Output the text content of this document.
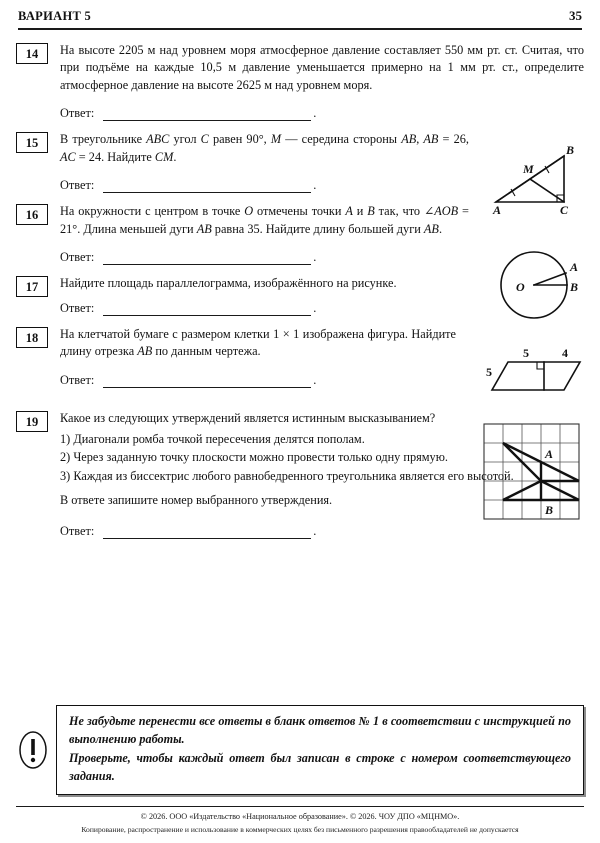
ВАРИАНТ 5	35
14	На высоте 2205 м над уровнем моря атмосферное давление составляет 550 мм рт. ст. Считая, что при подъёме на каждые 10,5 м давление уменьшается примерно на 1 мм рт. ст., определите атмосферное давление на высоте 2625 м над уровнем моря.

Ответ:	.
15	В треугольнике ABC угол C равен 90°, M — середина стороны AB, AB = 26, AC = 24. Найдите CM.

Ответ:	.
A
B
C
M
16	На окружности с центром в точке O отмечены точки A и B так, что ∠AOB = 21°. Длина меньшей дуги AB равна 35. Найдите длину большей дуги AB.

Ответ:	.
O
A
B
17	Найдите площадь параллелограмма, изображённого на рисунке.

Ответ:	.
5
5	4
18	На клетчатой бумаге с размером клетки 1 × 1 изображена фигура. Найдите длину отрезка AB по данным чертежа.

Ответ:	.
A
B
19	Какое из следующих утверждений является истинным высказыванием?

1) Диагонали ромба точкой пересечения делятся пополам.
2) Через заданную точку плоскости можно провести только одну прямую.
3) Каждая из биссектрис любого равнобедренного треугольника является его высотой.

В ответе запишите номер выбранного утверждения.

Ответ:	.

Не забудьте перенести все ответы в бланк ответов № 1 в соответствии с инструкцией по выполнению работы.

Проверьте, чтобы каждый ответ был записан в строке с номером соответствующего задания.

© 2026. ООО «Издательство «Национальное образование». © 2026. ЧОУ ДПО «МЦНМО».
Копирование, распространение и использование в коммерческих целях без письменного разрешения правообладателей не допускается
